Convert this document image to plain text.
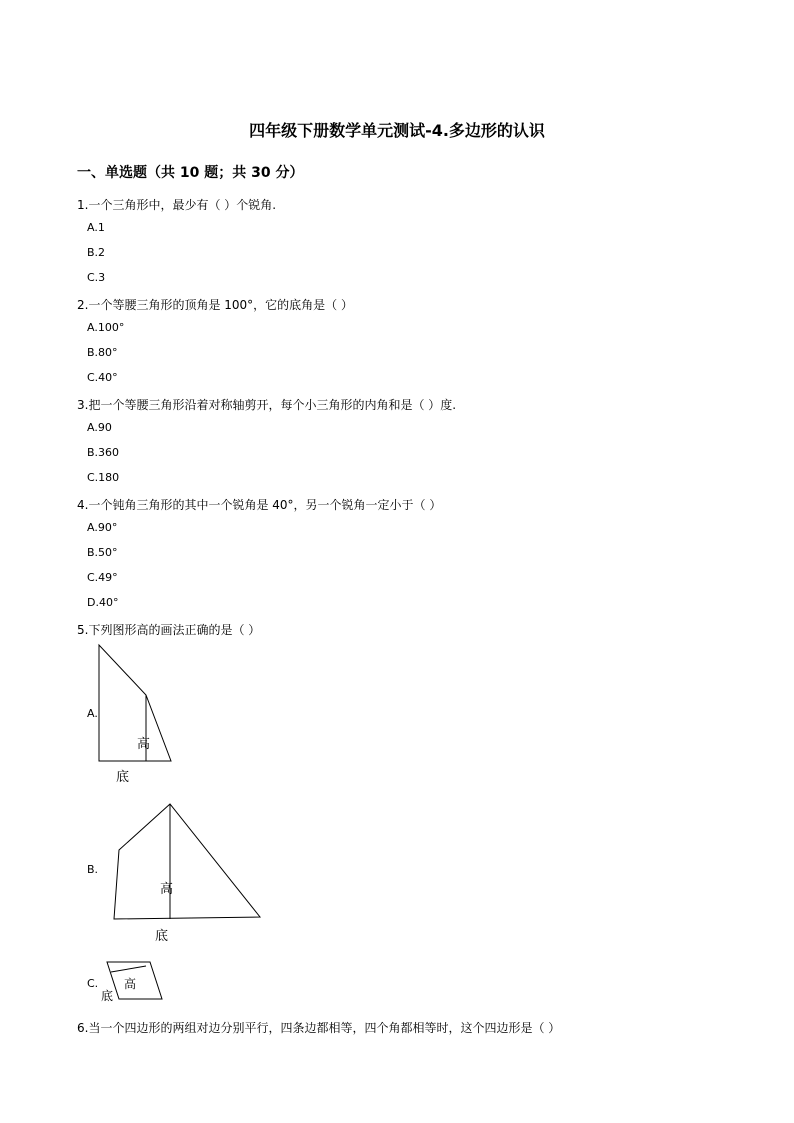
四年级下册数学单元测试-4.多边形的认识
一、单选题（共 10 题；共 30 分）
1.一个三角形中，最少有（ ）个锐角.
A.1
B.2
C.3
2.一个等腰三角形的顶角是 100°，它的底角是（ ）
A.100°
B.80°
C.40°
3.把一个等腰三角形沿着对称轴剪开，每个小三角形的内角和是（ ）度.
A.90
B.360
C.180
4.一个钝角三角形的其中一个锐角是 40°，另一个锐角一定小于（ ）
A.90°
B.50°
C.49°
D.40°
5.下列图形高的画法正确的是（ ）
A.
B.
C.
高
底
高
底
高
底
6.当一个四边形的两组对边分别平行，四条边都相等，四个角都相等时，这个四边形是（ ）
